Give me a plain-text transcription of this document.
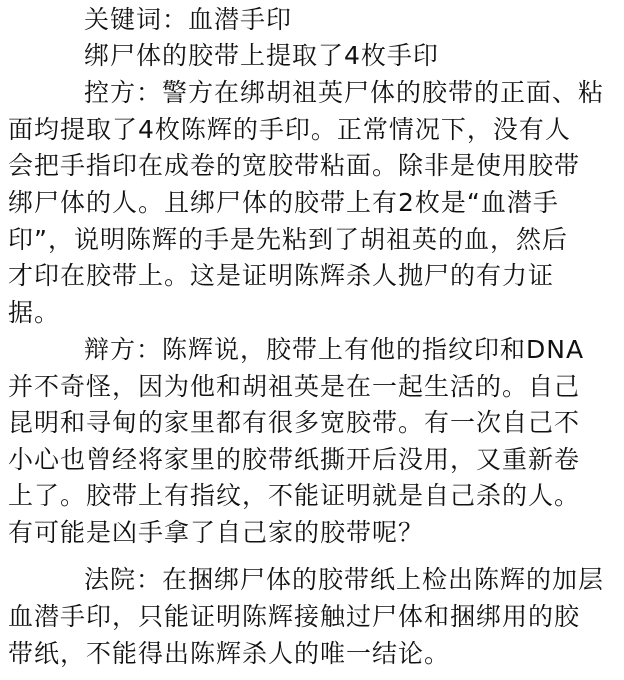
关键词：血潜手印
绑尸体的胶带上提取了4枚手印
控方：警方在绑胡祖英尸体的胶带的正面、粘
面均提取了4枚陈辉的手印。正常情况下，没有人
会把手指印在成卷的宽胶带粘面。除非是使用胶带
绑尸体的人。且绑尸体的胶带上有2枚是“血潜手
印”，说明陈辉的手是先粘到了胡祖英的血，然后
才印在胶带上。这是证明陈辉杀人抛尸的有力证
据。
辩方：陈辉说，胶带上有他的指纹印和DNA
并不奇怪，因为他和胡祖英是在一起生活的。自己
昆明和寻甸的家里都有很多宽胶带。有一次自己不
小心也曾经将家里的胶带纸撕开后没用，又重新卷
上了。胶带上有指纹，不能证明就是自己杀的人。
有可能是凶手拿了自己家的胶带呢？
法院：在捆绑尸体的胶带纸上检出陈辉的加层
血潜手印，只能证明陈辉接触过尸体和捆绑用的胶
带纸，不能得出陈辉杀人的唯一结论。
